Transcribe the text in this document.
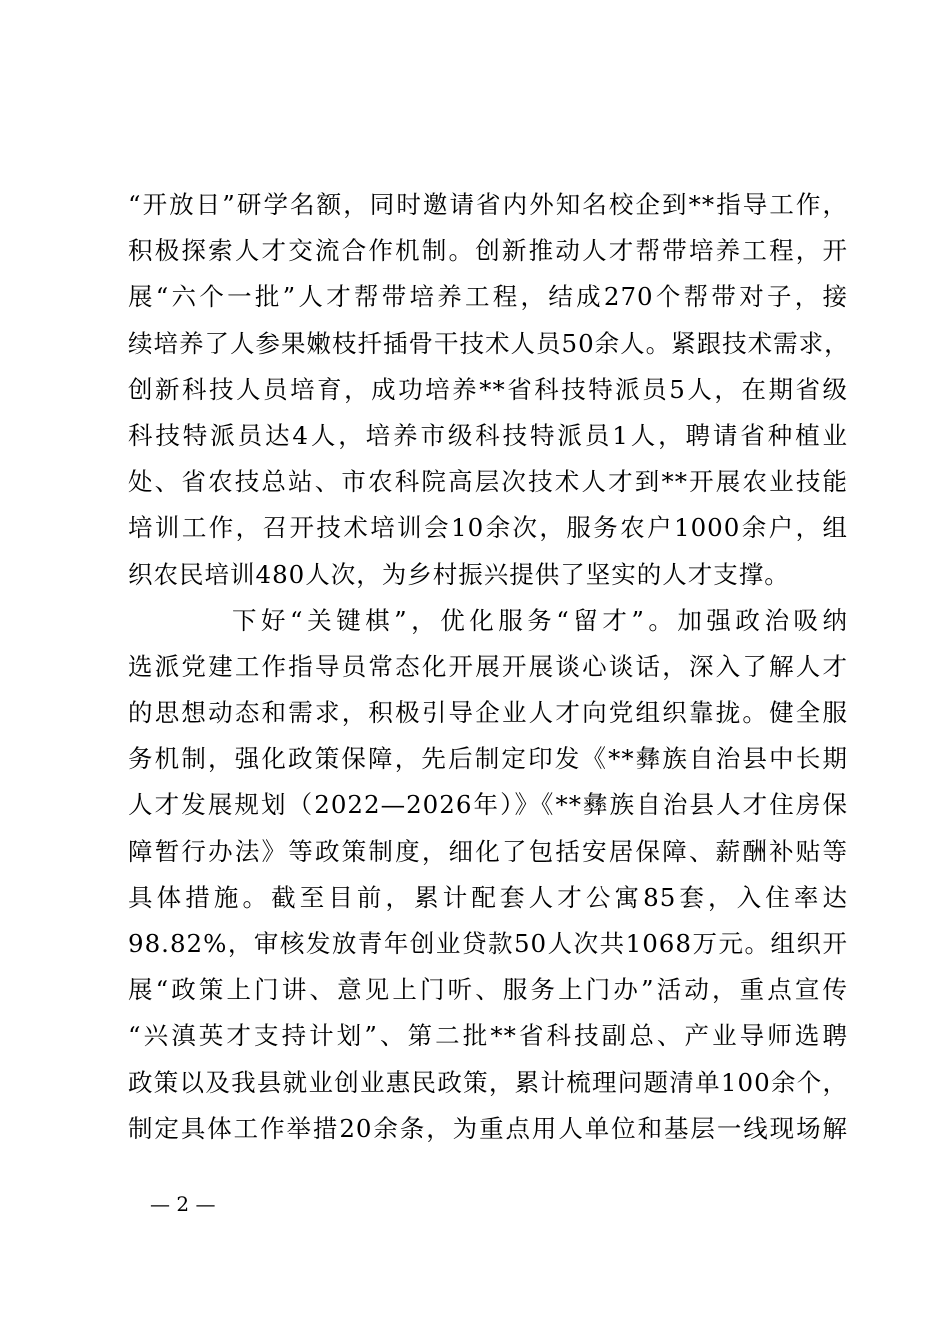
“开放日”研学名额，同时邀请省内外知名校企到**指导工作，
积极探索人才交流合作机制。创新推动人才帮带培养工程，开
展“六个一批”人才帮带培养工程，结成270个帮带对子，接
续培养了人参果嫩枝扦插骨干技术人员50余人。紧跟技术需求，
创新科技人员培育，成功培养**省科技特派员5人，在期省级
科技特派员达4人，培养市级科技特派员1人，聘请省种植业
处、省农技总站、市农科院高层次技术人才到**开展农业技能
培训工作，召开技术培训会10余次，服务农户1000余户，组
织农民培训480人次，为乡村振兴提供了坚实的人才支撑。
下好“关键棋”，优化服务“留才”。加强政治吸纳
选派党建工作指导员常态化开展开展谈心谈话，深入了解人才
的思想动态和需求，积极引导企业人才向党组织靠拢。健全服
务机制，强化政策保障，先后制定印发《**彝族自治县中长期
人才发展规划（2022—2026年）》《**彝族自治县人才住房保
障暂行办法》等政策制度，细化了包括安居保障、薪酬补贴等
具体措施。截至目前，累计配套人才公寓85套，入住率达
98.82%，审核发放青年创业贷款50人次共1068万元。组织开
展“政策上门讲、意见上门听、服务上门办”活动，重点宣传
“兴滇英才支持计划”、第二批**省科技副总、产业导师选聘
政策以及我县就业创业惠民政策，累计梳理问题清单100余个，
制定具体工作举措20余条，为重点用人单位和基层一线现场解
— 2 —
